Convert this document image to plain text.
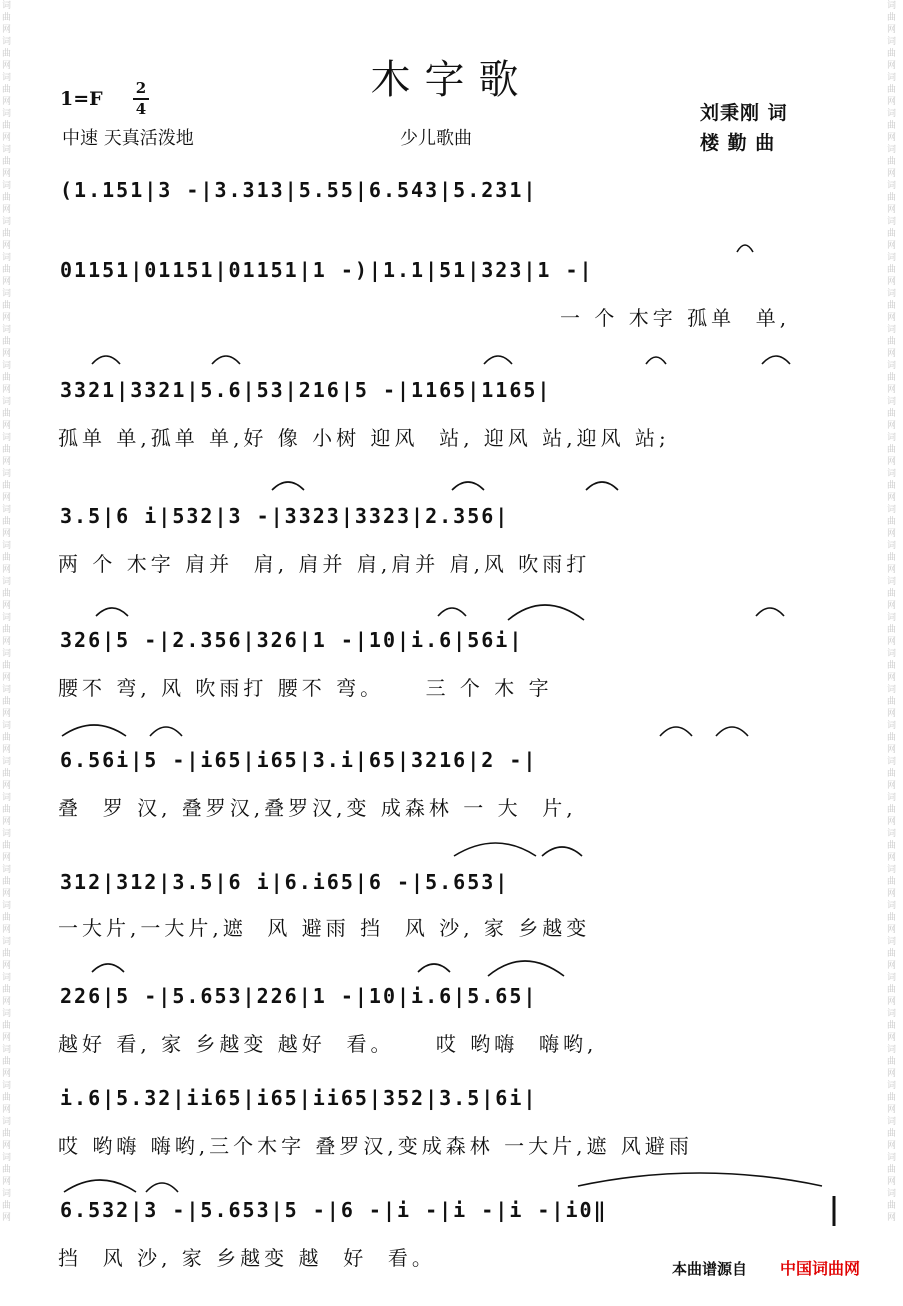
词曲网词曲网词曲网词曲网词曲网词曲网词曲网词曲网词曲网词曲网词曲网词曲网词曲网词曲网词曲网词曲网词曲网词曲网词曲网词曲网词曲网词曲网词曲网词曲网词曲网词曲网词曲网词曲网词曲网词曲网词曲网词曲网词曲网词曲网
词曲网词曲网词曲网词曲网词曲网词曲网词曲网词曲网词曲网词曲网词曲网词曲网词曲网词曲网词曲网词曲网词曲网词曲网词曲网词曲网词曲网词曲网词曲网词曲网词曲网词曲网词曲网词曲网词曲网词曲网词曲网词曲网词曲网词曲网
木字歌
1=F 2
4
中速 天真活泼地	少儿歌曲
刘秉刚 词
楼 勤 曲
(1.151|3 -|3.313|5.55|6.543|5.231|
01151|01151|01151|1 -)|1.1|51|323|1 -|
一 个 木字 孤单  单,
3321|3321|5.6|53|216|5 -|1165|1165|
孤单 单,孤单 单,好 像 小树 迎风  站, 迎风 站,迎风 站;
3.5|6 i|532|3 -|3323|3323|2.356|
两 个 木字 肩并  肩, 肩并 肩,肩并 肩,风 吹雨打
326|5 -|2.356|326|1 -|10|i.6|56i|
腰不 弯, 风 吹雨打 腰不 弯。    三 个 木 字
6.56i|5 -|i65|i65|3.i|65|3216|2 -|
叠  罗 汉, 叠罗汉,叠罗汉,变 成森林 一 大  片,
312|312|3.5|6 i|6.i65|6 -|5.653|
一大片,一大片,遮  风 避雨 挡  风 沙, 家 乡越变
226|5 -|5.653|226|1 -|10|i.6|5.65|
越好 看, 家 乡越变 越好  看。    哎 哟嗨  嗨哟,
i.6|5.32|ii65|i65|ii65|352|3.5|6i|
哎 哟嗨 嗨哟,三个木字 叠罗汉,变成森林 一大片,遮 风避雨
6.532|3 -|5.653|5 -|6 -|i -|i -|i -|i0‖
挡  风 沙, 家 乡越变 越  好  看。	本曲谱源自 中国词曲网
